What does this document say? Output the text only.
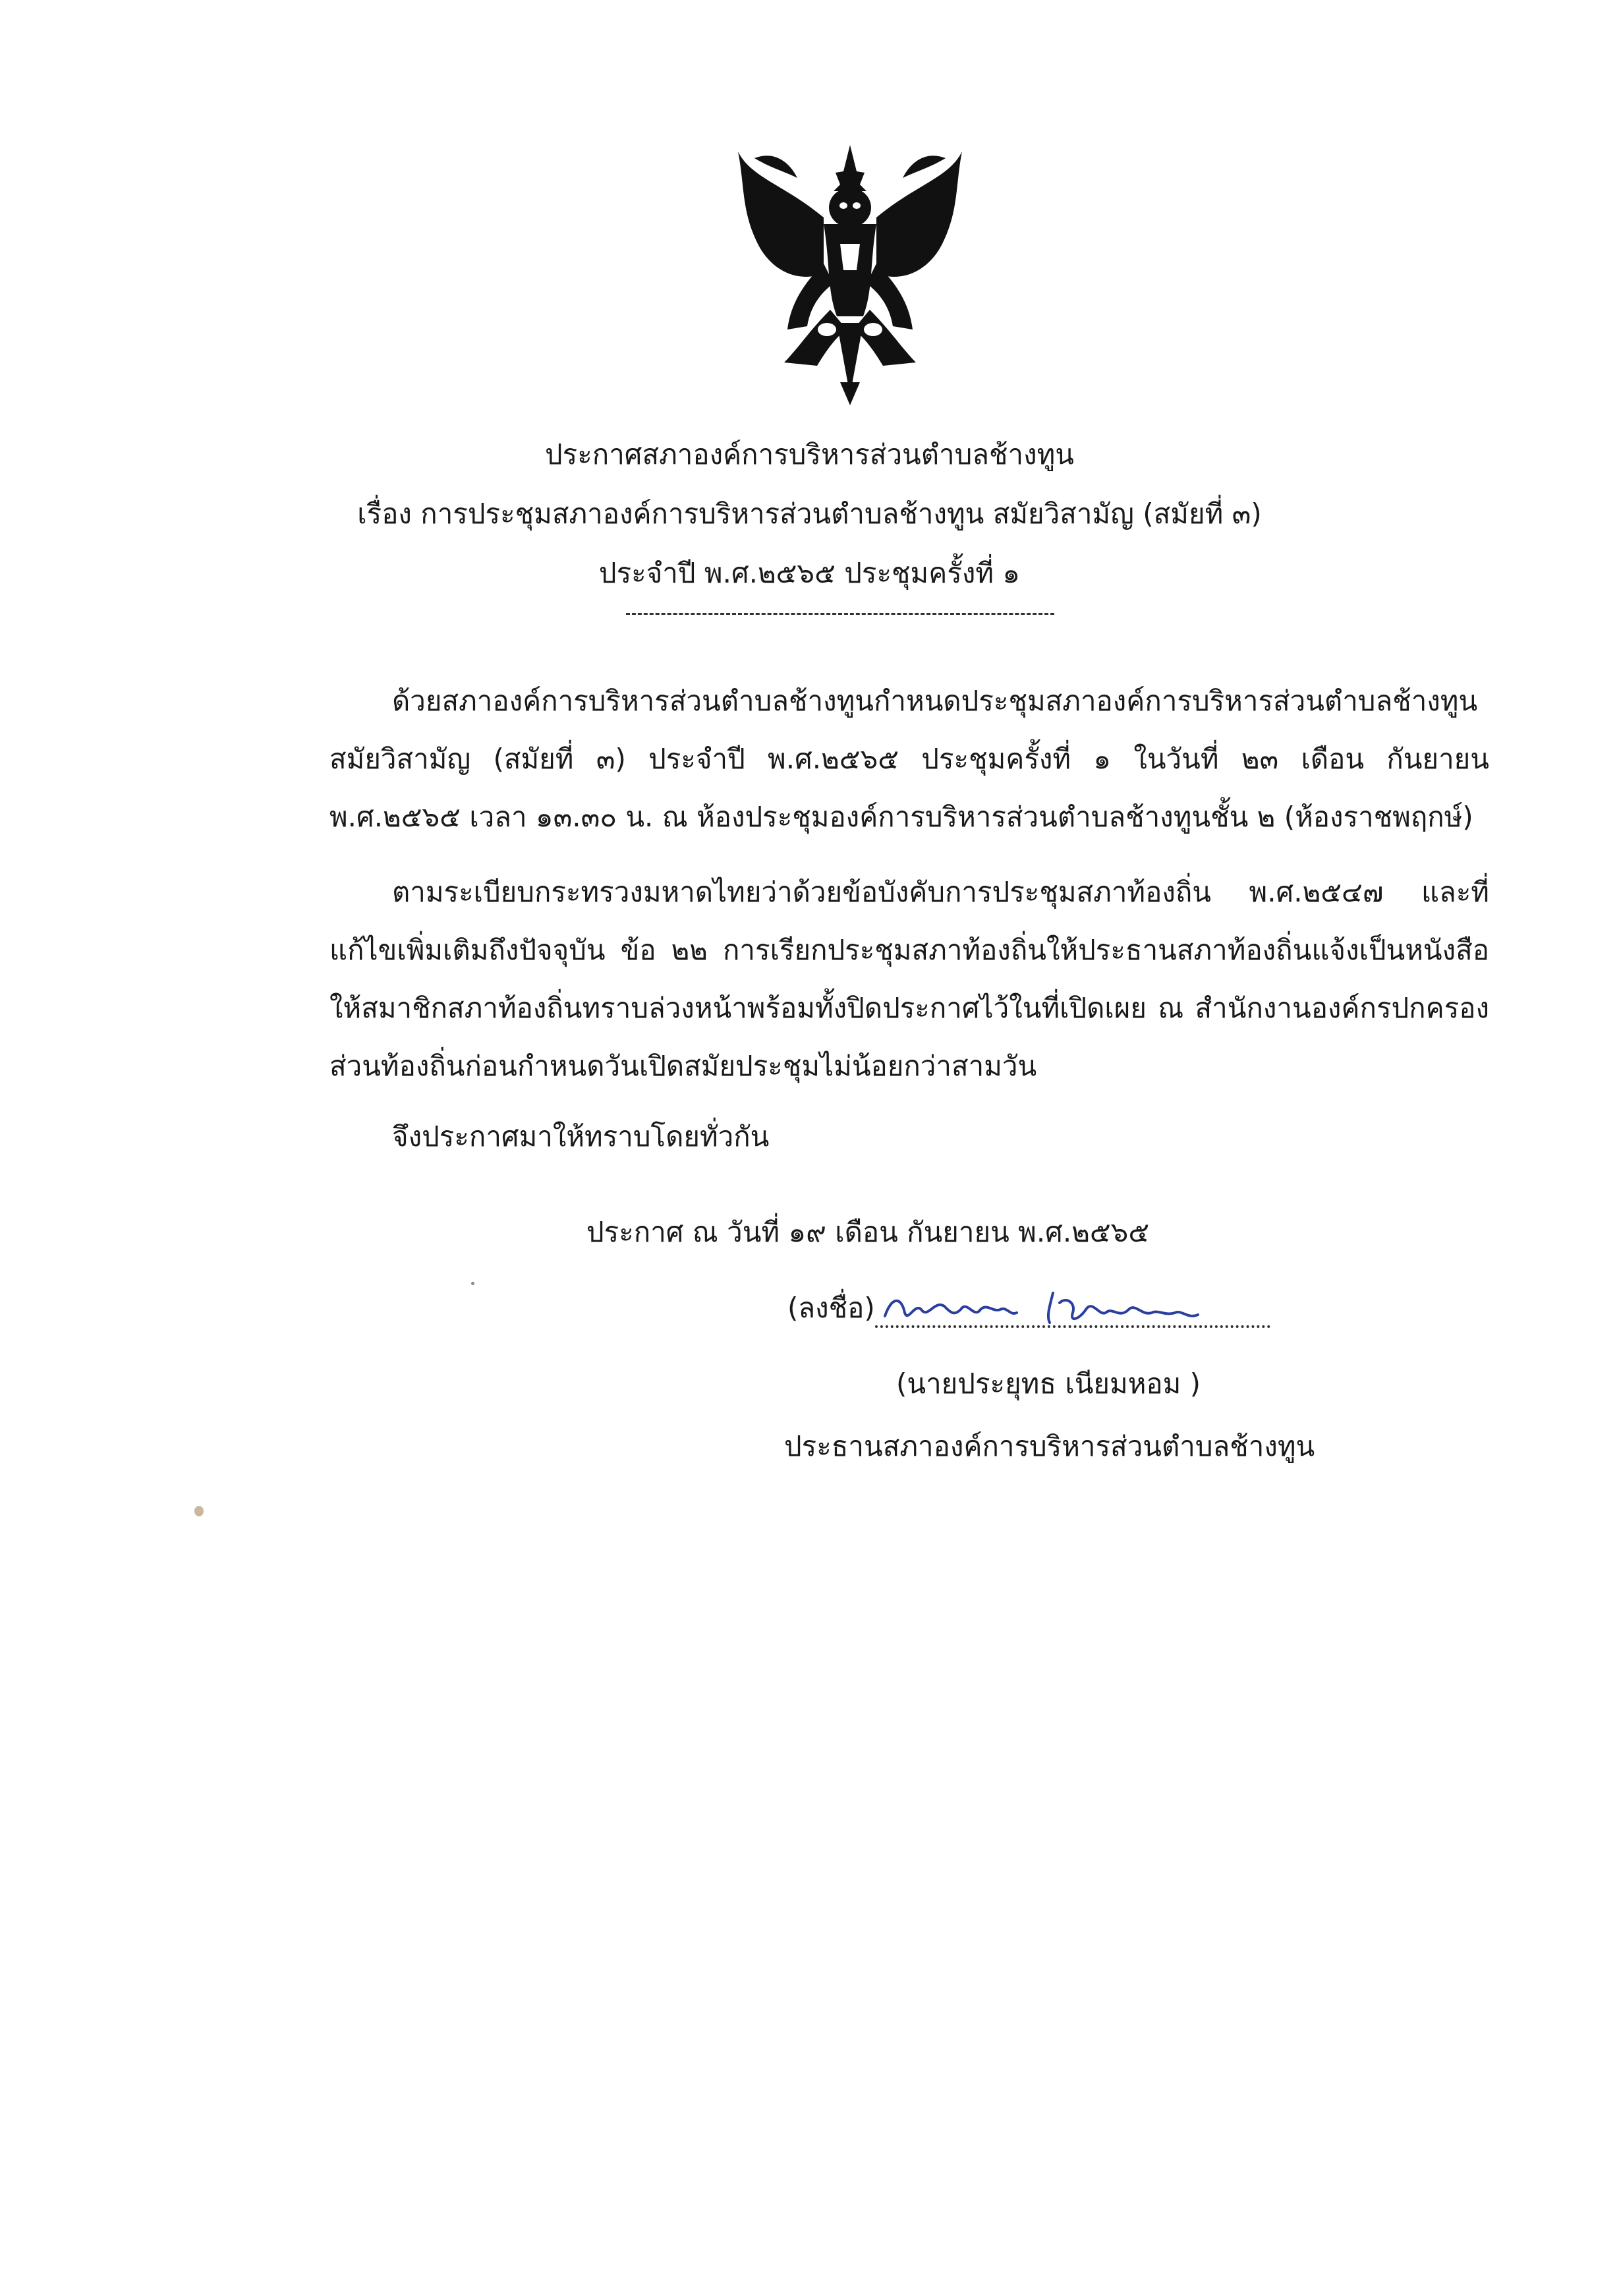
ประกาศสภาองค์การบริหารส่วนตำบลช้างทูน
เรื่อง การประชุมสภาองค์การบริหารส่วนตำบลช้างทูน สมัยวิสามัญ (สมัยที่ ๓)
ประจำปี พ.ศ.๒๕๖๕ ประชุมครั้งที่ ๑
ด้วยสภาองค์การบริหารส่วนตำบลช้างทูนกำหนดประชุมสภาองค์การบริหารส่วนตำบลช้างทูน สมัยวิสามัญ (สมัยที่ ๓) ประจำปี พ.ศ.๒๕๖๕ ประชุมครั้งที่ ๑ ในวันที่ ๒๓ เดือน กันยายน พ.ศ.๒๕๖๕ เวลา ๑๓.๓๐ น. ณ ห้องประชุมองค์การบริหารส่วนตำบลช้างทูนชั้น ๒ (ห้องราชพฤกษ์)
ตามระเบียบกระทรวงมหาดไทยว่าด้วยข้อบังคับการประชุมสภาท้องถิ่น พ.ศ.๒๕๔๗ และที่แก้ไขเพิ่มเติมถึงปัจจุบัน ข้อ ๒๒ การเรียกประชุมสภาท้องถิ่นให้ประธานสภาท้องถิ่นแจ้งเป็นหนังสือให้สมาชิกสภาท้องถิ่นทราบล่วงหน้าพร้อมทั้งปิดประกาศไว้ในที่เปิดเผย ณ สำนักงานองค์กรปกครองส่วนท้องถิ่นก่อนกำหนดวันเปิดสมัยประชุมไม่น้อยกว่าสามวัน
จึงประกาศมาให้ทราบโดยทั่วกัน
ประกาศ ณ วันที่ ๑๙ เดือน กันยายน พ.ศ.๒๕๖๕
(ลงชื่อ)
(นายประยุทธ เนียมหอม )
ประธานสภาองค์การบริหารส่วนตำบลช้างทูน
